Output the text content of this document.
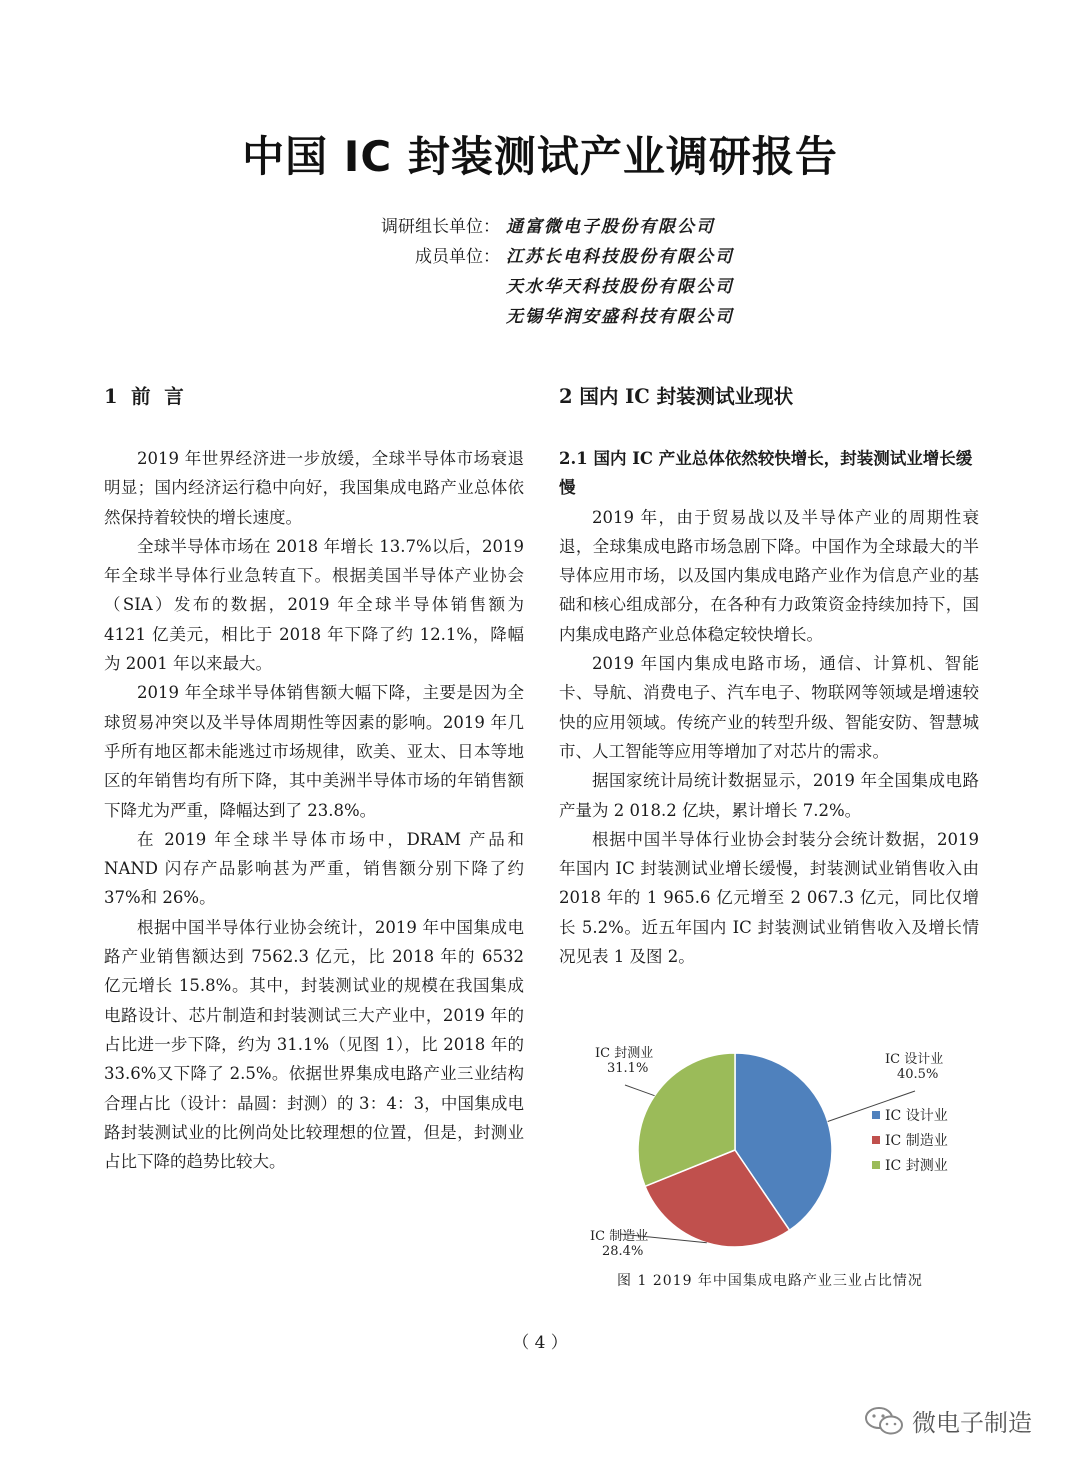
中国 IC 封装测试产业调研报告
调研组长单位： 通富微电子股份有限公司
成员单位： 江苏长电科技股份有限公司
天水华天科技股份有限公司
无锡华润安盛科技有限公司
1  前  言

2019 年世界经济进一步放缓，全球半导体市场衰退明显；国内经济运行稳中向好，我国集成电路产业总体依然保持着较快的增长速度。

全球半导体市场在 2018 年增长 13.7%以后，2019 年全球半导体行业急转直下。根据美国半导体产业协会（SIA）发布的数据，2019 年全球半导体销售额为 4121 亿美元，相比于 2018 年下降了约 12.1%，降幅为 2001 年以来最大。

2019 年全球半导体销售额大幅下降，主要是因为全球贸易冲突以及半导体周期性等因素的影响。2019 年几乎所有地区都未能逃过市场规律，欧美、亚太、日本等地区的年销售均有所下降，其中美洲半导体市场的年销售额下降尤为严重，降幅达到了 23.8%。

在 2019 年全球半导体市场中，DRAM 产品和 NAND 闪存产品影响甚为严重，销售额分别下降了约 37%和 26%。

根据中国半导体行业协会统计，2019 年中国集成电路产业销售额达到 7562.3 亿元，比 2018 年的 6532 亿元增长 15.8%。其中，封装测试业的规模在我国集成电路设计、芯片制造和封装测试三大产业中，2019 年的占比进一步下降，约为 31.1%（见图 1），比 2018 年的 33.6%又下降了 2.5%。依据世界集成电路产业三业结构合理占比（设计：晶圆：封测）的 3：4：3，中国集成电路封装测试业的比例尚处比较理想的位置，但是，封测业占比下降的趋势比较大。

2 国内 IC 封装测试业现状
2.1 国内 IC 产业总体依然较快增长，封装测试业增长缓慢

2019 年，由于贸易战以及半导体产业的周期性衰退，全球集成电路市场急剧下降。中国作为全球最大的半导体应用市场，以及国内集成电路产业作为信息产业的基础和核心组成部分，在各种有力政策资金持续加持下，国内集成电路产业总体稳定较快增长。

2019 年国内集成电路市场，通信、计算机、智能卡、导航、消费电子、汽车电子、物联网等领域是增速较快的应用领域。传统产业的转型升级、智能安防、智慧城市、人工智能等应用等增加了对芯片的需求。

据国家统计局统计数据显示，2019 年全国集成电路产量为 2 018.2 亿块，累计增长 7.2%。

根据中国半导体行业协会封装分会统计数据，2019 年国内 IC 封装测试业增长缓慢，封装测试业销售收入由 2018 年的 1 965.6 亿元增至 2 067.3 亿元，同比仅增长 5.2%。近五年国内 IC 封装测试业销售收入及增长情况见表 1 及图 2。

IC 设计业
40.5%
IC 制造业
28.4%
IC 封测业
31.1%
IC 设计业
IC 制造业
IC 封测业
图 1 2019 年中国集成电路产业三业占比情况
（ 4 ）
微电子制造
